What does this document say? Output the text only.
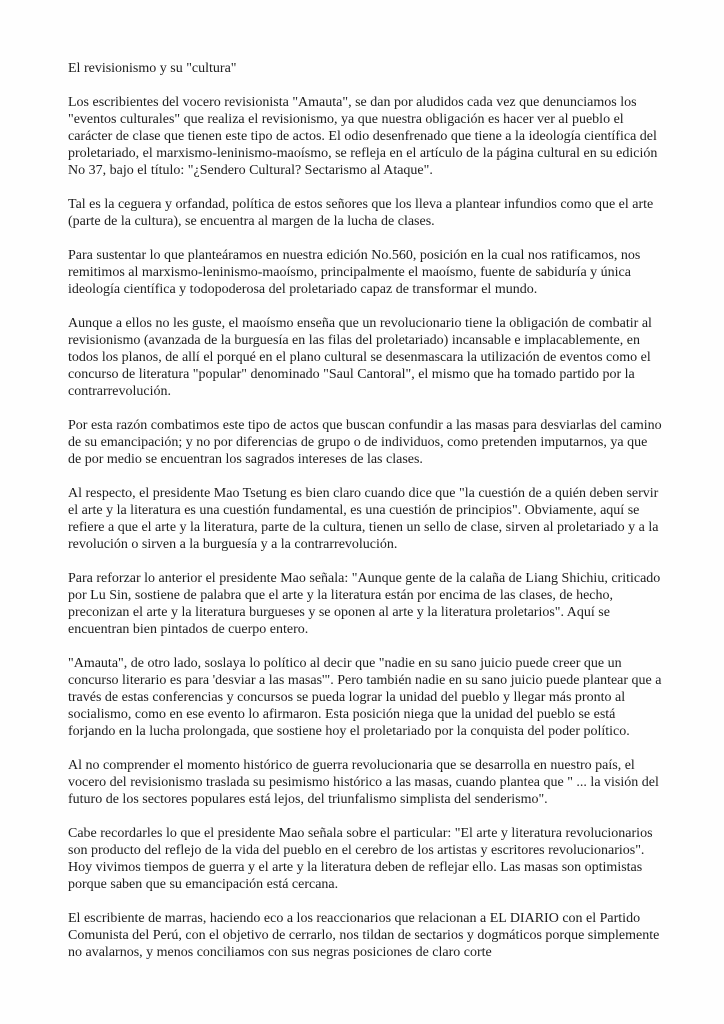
El revisionismo y su "cultura"

Los escribientes del vocero revisionista "Amauta", se dan por aludidos cada vez que denunciamos los "eventos culturales" que realiza el revisionismo, ya que nuestra obligación es hacer ver al pueblo el carácter de clase que tienen este tipo de actos. El odio desenfrenado que tiene a la ideología científica del proletariado, el marxismo-leninismo-maoísmo, se refleja en el artículo de la página cultural en su edición No 37, bajo el título: "¿Sendero Cultural? Sectarismo al Ataque".

Tal es la ceguera y orfandad, política de estos señores que los lleva a plantear infundios como que el arte (parte de la cultura), se encuentra al margen de la lucha de clases.

Para sustentar lo que planteáramos en nuestra edición No.560, posición en la cual nos ratificamos, nos remitimos al marxismo-leninismo-maoísmo, principalmente el maoísmo, fuente de sabiduría y única ideología científica y todopoderosa del proletariado capaz de transformar el mundo.

Aunque a ellos no les guste, el maoísmo enseña que un revolucionario tiene la obligación de combatir al revisionismo (avanzada de la burguesía en las filas del proletariado) incansable e implacablemente, en todos los planos, de allí el porqué en el plano cultural se desenmascara la utilización de eventos como el concurso de literatura "popular" denominado "Saul Cantoral", el mismo que ha tomado partido por la contrarrevolución.

Por esta razón combatimos este tipo de actos que buscan confundir a las masas para desviarlas del camino de su emancipación; y no por diferencias de grupo o de individuos, como pretenden imputarnos, ya que de por medio se encuentran los sagrados intereses de las clases.

Al respecto, el presidente Mao Tsetung es bien claro cuando dice que "la cuestión de a quién deben servir el arte y la literatura es una cuestión fundamental, es una cuestión de principios". Obviamente, aquí se refiere a que el arte y la literatura, parte de la cultura, tienen un sello de clase, sirven al proletariado y a la revolución o sirven a la burguesía y a la contrarrevolución.

Para reforzar lo anterior el presidente Mao señala: "Aunque gente de la calaña de Liang Shichiu, criticado por Lu Sin, sostiene de palabra que el arte y la literatura están por encima de las clases, de hecho, preconizan el arte y la literatura burgueses y se oponen al arte y la literatura proletarios". Aquí se encuentran bien pintados de cuerpo entero.

"Amauta", de otro lado, soslaya lo político al decir que "nadie en su sano juicio puede creer que un concurso literario es para 'desviar a las masas'". Pero también nadie en su sano juicio puede plantear que a través de estas conferencias y concursos se pueda lograr la unidad del pueblo y llegar más pronto al socialismo, como en ese evento lo afirmaron. Esta posición niega que la unidad del pueblo se está forjando en la lucha prolongada, que sostiene hoy el proletariado por la conquista del poder político.

Al no comprender el momento histórico de guerra revolucionaria que se desarrolla en nuestro país, el vocero del revisionismo traslada su pesimismo histórico a las masas, cuando plantea que " ... la visión del futuro de los sectores populares está lejos, del triunfalismo simplista del senderismo".

Cabe recordarles lo que el presidente Mao señala sobre el particular: "El arte y literatura revolucionarios son producto del reflejo de la vida del pueblo en el cerebro de los artistas y escritores revolucionarios". Hoy vivimos tiempos de guerra y el arte y la literatura deben de reflejar ello. Las masas son optimistas porque saben que su emancipación está cercana.

El escribiente de marras, haciendo eco a los reaccionarios que relacionan a EL DIARIO con el Partido Comunista del Perú, con el objetivo de cerrarlo, nos tildan de sectarios y dogmáticos porque simplemente no avalarnos, y menos conciliamos con sus negras posiciones de claro corte
